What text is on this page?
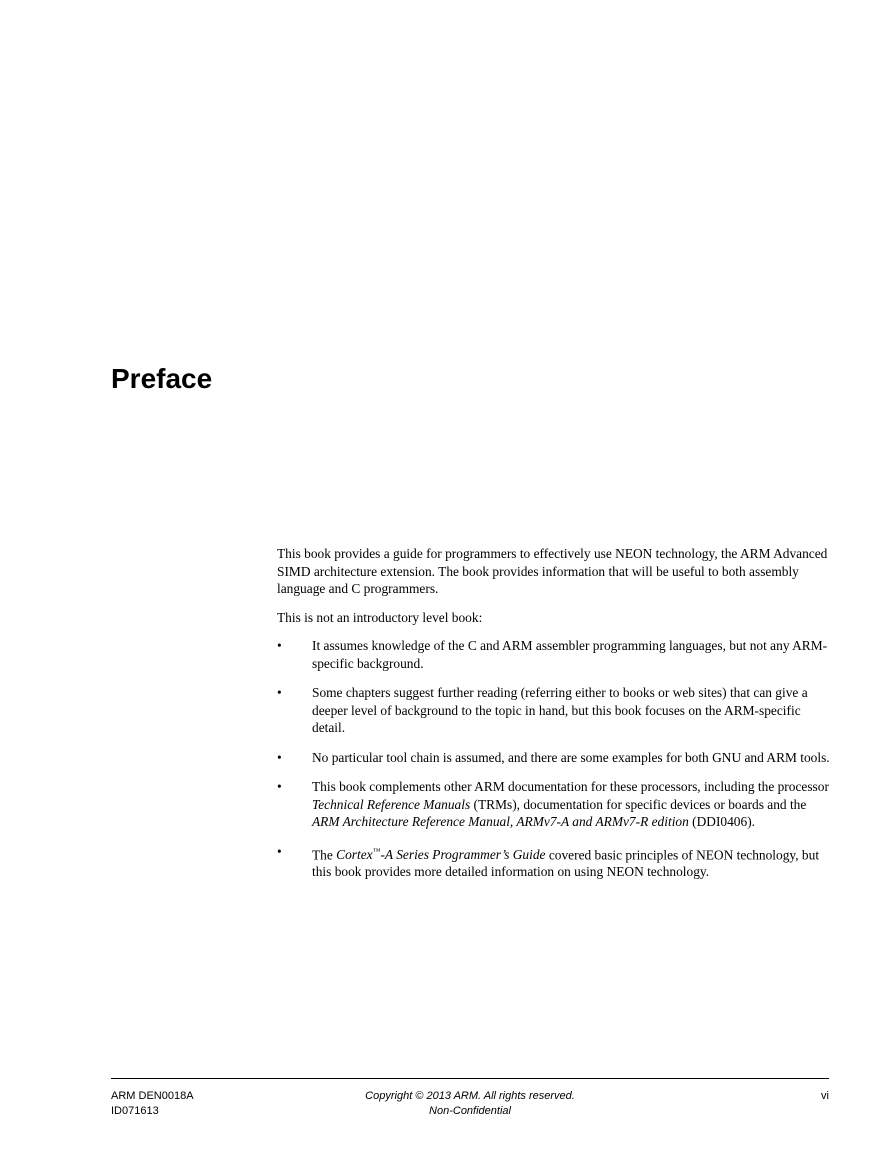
Preface

This book provides a guide for programmers to effectively use NEON technology, the ARM Advanced SIMD architecture extension. The book provides information that will be useful to both assembly language and C programmers.

This is not an introductory level book:

• It assumes knowledge of the C and ARM assembler programming languages, but not any ARM-specific background.
• Some chapters suggest further reading (referring either to books or web sites) that can give a deeper level of background to the topic in hand, but this book focuses on the ARM-specific detail.
• No particular tool chain is assumed, and there are some examples for both GNU and ARM tools.
• This book complements other ARM documentation for these processors, including the processor Technical Reference Manuals (TRMs), documentation for specific devices or boards and the ARM Architecture Reference Manual, ARMv7-A and ARMv7-R edition (DDI0406).
• The Cortex™-A Series Programmer’s Guide covered basic principles of NEON technology, but this book provides more detailed information on using NEON technology.
ARM DEN0018A
ID071613
Copyright © 2013 ARM. All rights reserved.
Non-Confidential
vi
